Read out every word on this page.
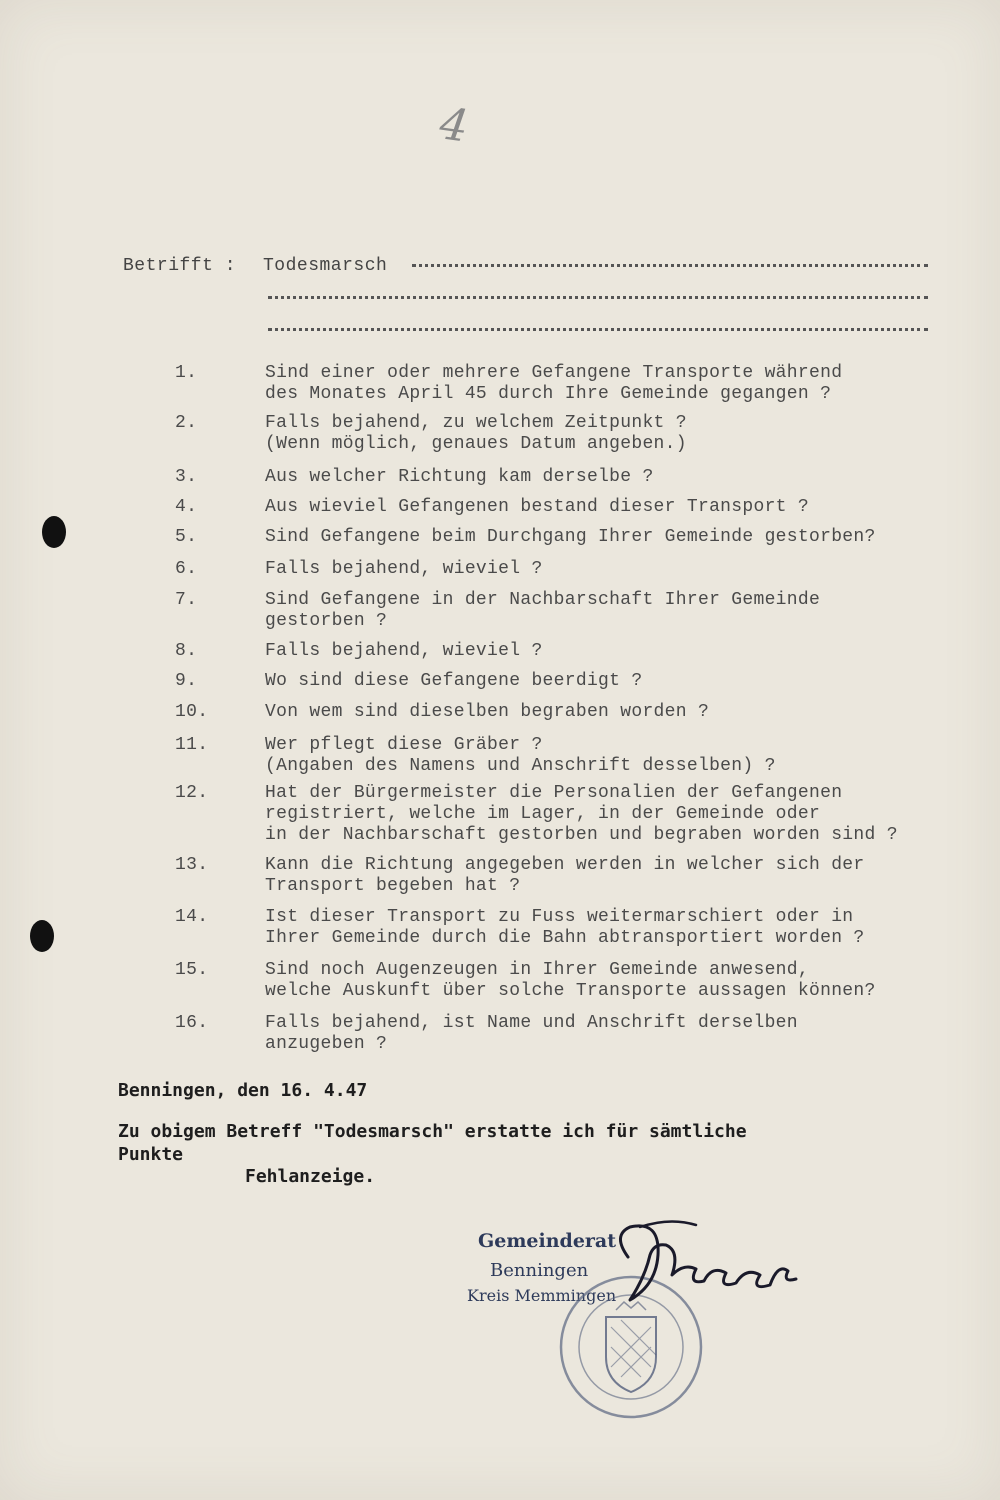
4
Betrifft : Todesmarsch
1.	Sind einer oder mehrere Gefangene Transporte während
des Monates April 45 durch Ihre Gemeinde gegangen ?
2.	Falls bejahend, zu welchem Zeitpunkt ?
(Wenn möglich, genaues Datum angeben.)
3.	Aus welcher Richtung kam derselbe ?
4.	Aus wieviel Gefangenen bestand dieser Transport ?
5.	Sind Gefangene beim Durchgang Ihrer Gemeinde gestorben?
6.	Falls bejahend, wieviel ?
7.	Sind Gefangene in der Nachbarschaft Ihrer Gemeinde
gestorben ?
8.	Falls bejahend, wieviel ?
9.	Wo sind diese Gefangene beerdigt ?
10.	Von wem sind dieselben begraben worden ?
11.	Wer pflegt diese Gräber ?
(Angaben des Namens und Anschrift desselben) ?
12.	Hat der Bürgermeister die Personalien der Gefangenen
registriert, welche im Lager, in der Gemeinde oder
in der Nachbarschaft gestorben und begraben worden sind ?
13.	Kann die Richtung angegeben werden in welcher sich der
Transport begeben hat ?
14.	Ist dieser Transport zu Fuss weitermarschiert oder in
Ihrer Gemeinde durch die Bahn abtransportiert worden ?
15.	Sind noch Augenzeugen in Ihrer Gemeinde anwesend,
welche Auskunft über solche Transporte aussagen können?
16.	Falls bejahend, ist Name und Anschrift derselben
anzugeben ?
Benningen, den 16. 4.47
Zu obigem Betreff "Todesmarsch" erstatte ich für sämtliche
Punkte
Fehlanzeige.
Gemeinderat
Benningen
Kreis Memmingen
